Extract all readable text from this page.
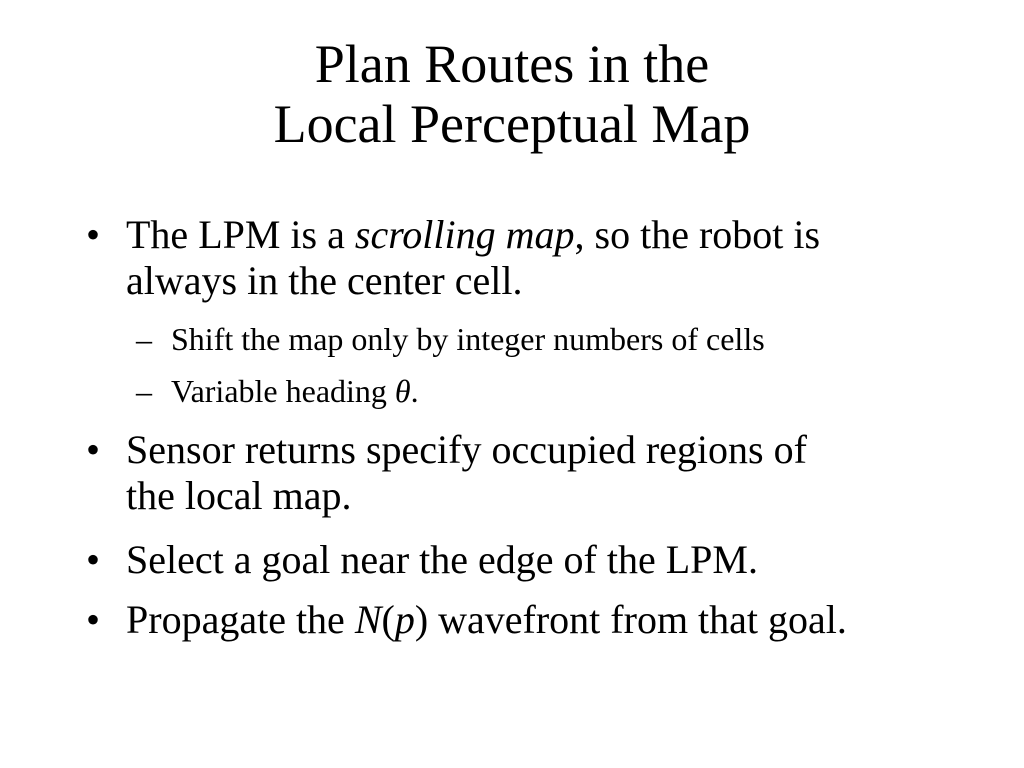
Plan Routes in the
Local Perceptual Map
• The LPM is a scrolling map, so the robot is
always in the center cell.
– Shift the map only by integer numbers of cells
– Variable heading θ.
• Sensor returns specify occupied regions of
the local map.
• Select a goal near the edge of the LPM.
• Propagate the N(p) wavefront from that goal.
